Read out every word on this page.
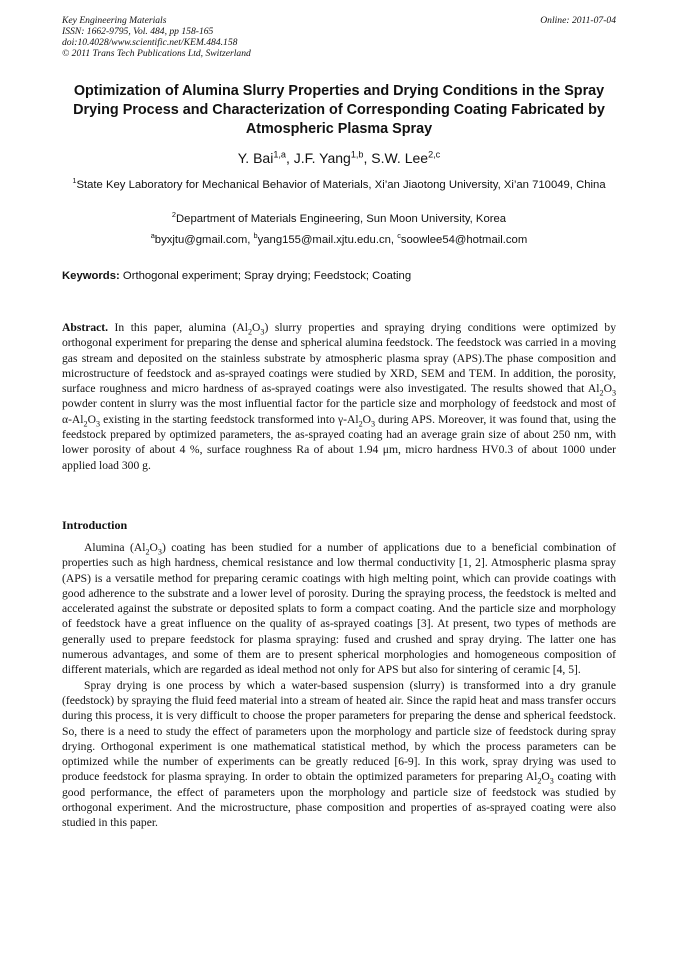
Key Engineering Materials
ISSN: 1662-9795, Vol. 484, pp 158-165
doi:10.4028/www.scientific.net/KEM.484.158
© 2011 Trans Tech Publications Ltd, Switzerland
Online: 2011-07-04
Optimization of Alumina Slurry Properties and Drying Conditions in the Spray Drying Process and Characterization of Corresponding Coating Fabricated by Atmospheric Plasma Spray
Y. Bai$^{1,a}$, J.F. Yang$^{1,b}$, S.W. Lee$^{2,c}$
$^1$State Key Laboratory for Mechanical Behavior of Materials, Xi’an Jiaotong University, Xi’an 710049, China
$^2$Department of Materials Engineering, Sun Moon University, Korea
$^a$byxjtu@gmail.com, $^b$yang155@mail.xjtu.edu.cn, $^c$soowlee54@hotmail.com
Keywords: Orthogonal experiment; Spray drying; Feedstock; Coating
Abstract. In this paper, alumina $(Al_2O_3)$ slurry properties and spraying drying conditions were optimized by orthogonal experiment for preparing the dense and spherical alumina feedstock. The feedstock was carried in a moving gas stream and deposited on the stainless substrate by atmospheric plasma spray (APS).The phase composition and microstructure of feedstock and as-sprayed coatings were studied by XRD, SEM and TEM. In addition, the porosity, surface roughness and micro hardness of as-sprayed coatings were also investigated. The results showed that $Al_2O_3$ powder content in slurry was the most influential factor for the particle size and morphology of feedstock and most of $\alpha-Al_2O_3$ existing in the starting feedstock transformed into $\gamma-Al_2O_3$ during APS. Moreover, it was found that, using the feedstock prepared by optimized parameters, the as-sprayed coating had an average grain size of about 250 nm, with lower porosity of about 4 %, surface roughness Ra of about 1.94 μm, micro hardness HV0.3 of about 1000 under applied load 300 g.
Introduction

Alumina $(Al_2O_3)$ coating has been studied for a number of applications due to a beneficial combination of properties such as high hardness, chemical resistance and low thermal conductivity [1, 2]. Atmospheric plasma spray (APS) is a versatile method for preparing ceramic coatings with high melting point, which can provide coatings with good adherence to the substrate and a lower level of porosity. During the spraying process, the feedstock is melted and accelerated against the substrate or deposited splats to form a compact coating. And the particle size and morphology of feedstock have a great influence on the quality of as-sprayed coatings [3]. At present, two types of methods are generally used to prepare feedstock for plasma spraying: fused and crushed and spray drying. The latter one has numerous advantages, and some of them are to present spherical morphologies and homogeneous composition of different materials, which are regarded as ideal method not only for APS but also for sintering of ceramic [4, 5].

Spray drying is one process by which a water-based suspension (slurry) is transformed into a dry granule (feedstock) by spraying the fluid feed material into a stream of heated air. Since the rapid heat and mass transfer occurs during this process, it is very difficult to choose the proper parameters for preparing the dense and spherical feedstock. So, there is a need to study the effect of parameters upon the morphology and particle size of feedstock during spray drying. Orthogonal experiment is one mathematical statistical method, by which the process parameters can be optimized while the number of experiments can be greatly reduced [6-9]. In this work, spray drying was used to produce feedstock for plasma spraying. In order to obtain the optimized parameters for preparing $Al_2O_3$ coating with good performance, the effect of parameters upon the morphology and particle size of feedstock was studied by orthogonal experiment. And the microstructure, phase composition and properties of as-sprayed coating were also studied in this paper.
